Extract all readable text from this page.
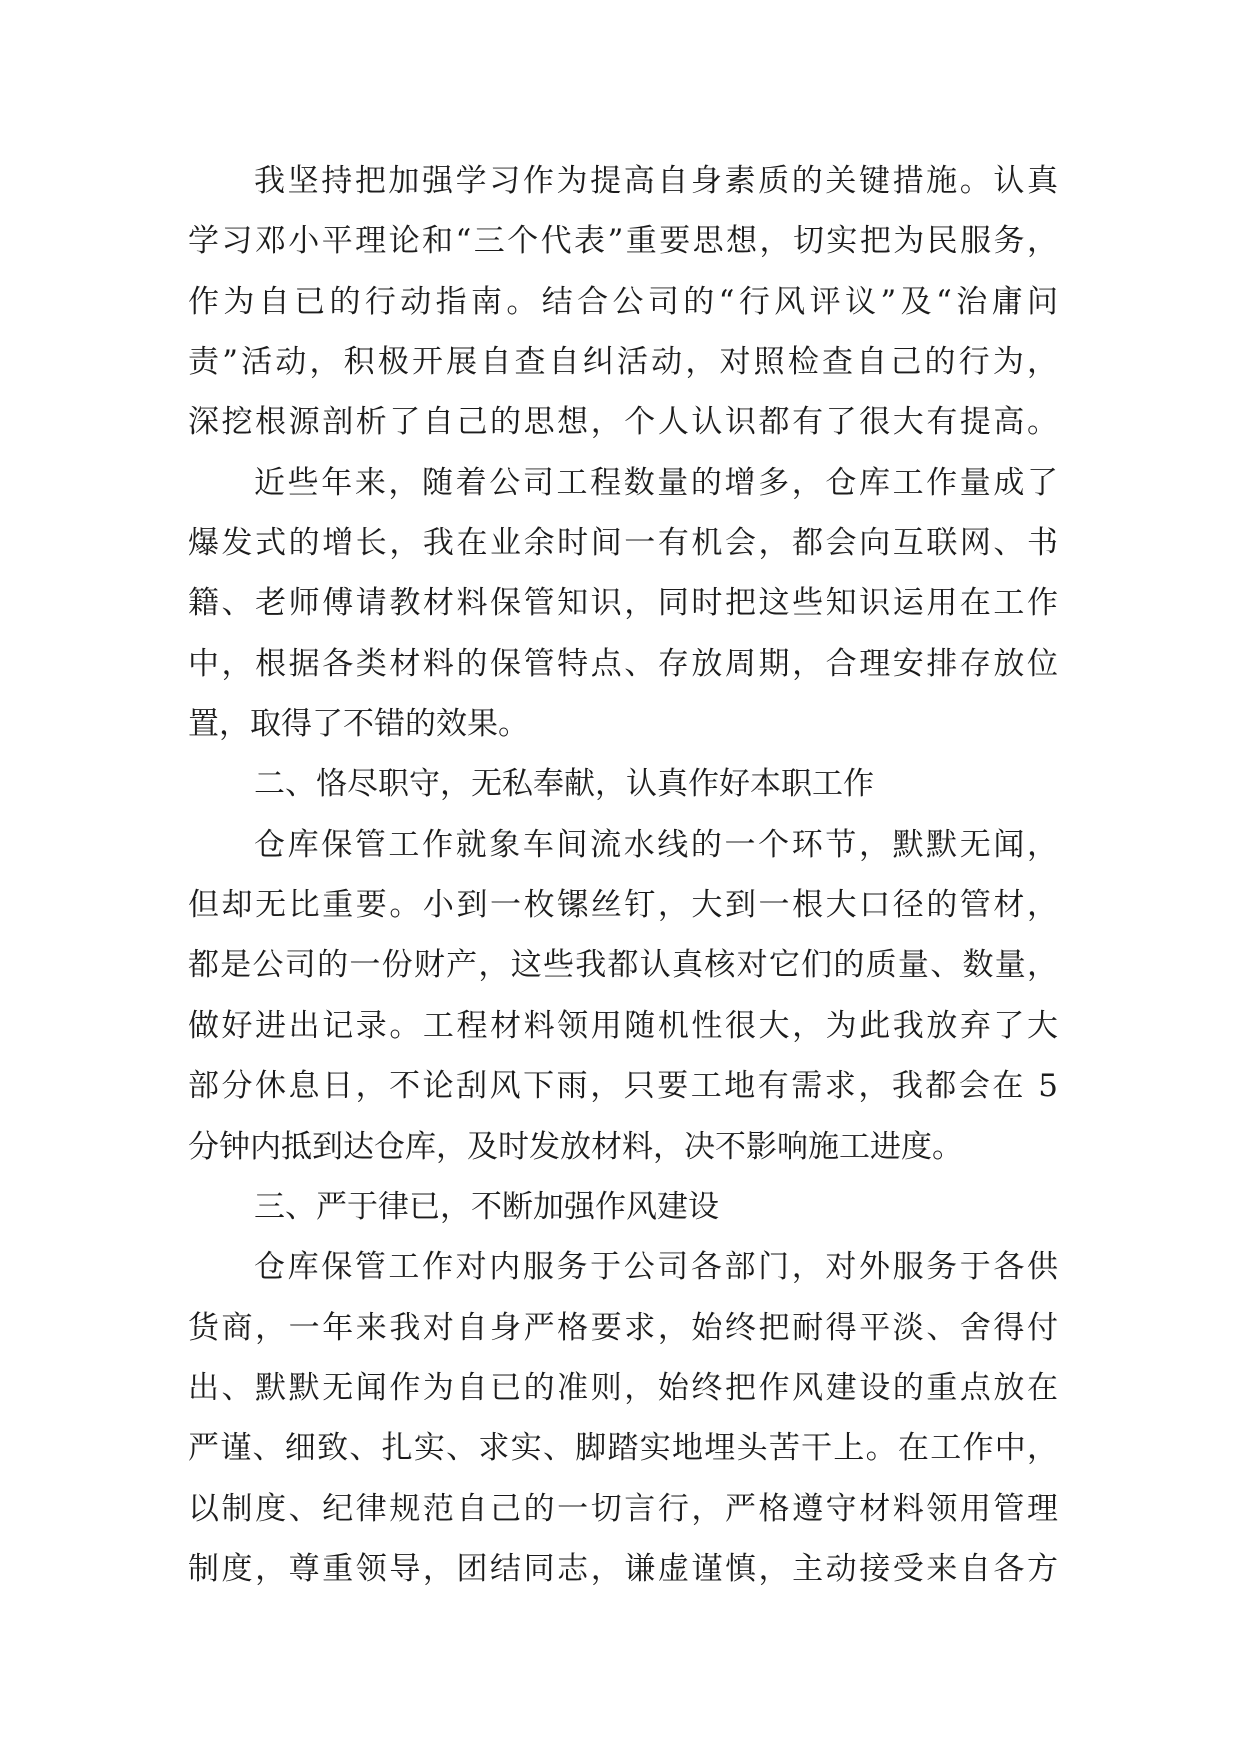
我坚持把加强学习作为提高自身素质的关键措施。认真
学习邓小平理论和“三个代表”重要思想，切实把为民服务，
作为自已的行动指南。结合公司的“行风评议”及“治庸问
责”活动，积极开展自查自纠活动，对照检查自己的行为，
深挖根源剖析了自己的思想，个人认识都有了很大有提高。
近些年来，随着公司工程数量的增多，仓库工作量成了
爆发式的增长，我在业余时间一有机会，都会向互联网、书
籍、老师傅请教材料保管知识，同时把这些知识运用在工作
中，根据各类材料的保管特点、存放周期，合理安排存放位
置，取得了不错的效果。
二、恪尽职守，无私奉献，认真作好本职工作
仓库保管工作就象车间流水线的一个环节，默默无闻，
但却无比重要。小到一枚镙丝钉，大到一根大口径的管材，
都是公司的一份财产，这些我都认真核对它们的质量、数量，
做好进出记录。工程材料领用随机性很大，为此我放弃了大
部分休息日，不论刮风下雨，只要工地有需求，我都会在 5
分钟内抵到达仓库，及时发放材料，决不影响施工进度。
三、严于律已，不断加强作风建设
仓库保管工作对内服务于公司各部门，对外服务于各供
货商，一年来我对自身严格要求，始终把耐得平淡、舍得付
出、默默无闻作为自已的准则，始终把作风建设的重点放在
严谨、细致、扎实、求实、脚踏实地埋头苦干上。在工作中，
以制度、纪律规范自己的一切言行，严格遵守材料领用管理
制度，尊重领导，团结同志，谦虚谨慎，主动接受来自各方
